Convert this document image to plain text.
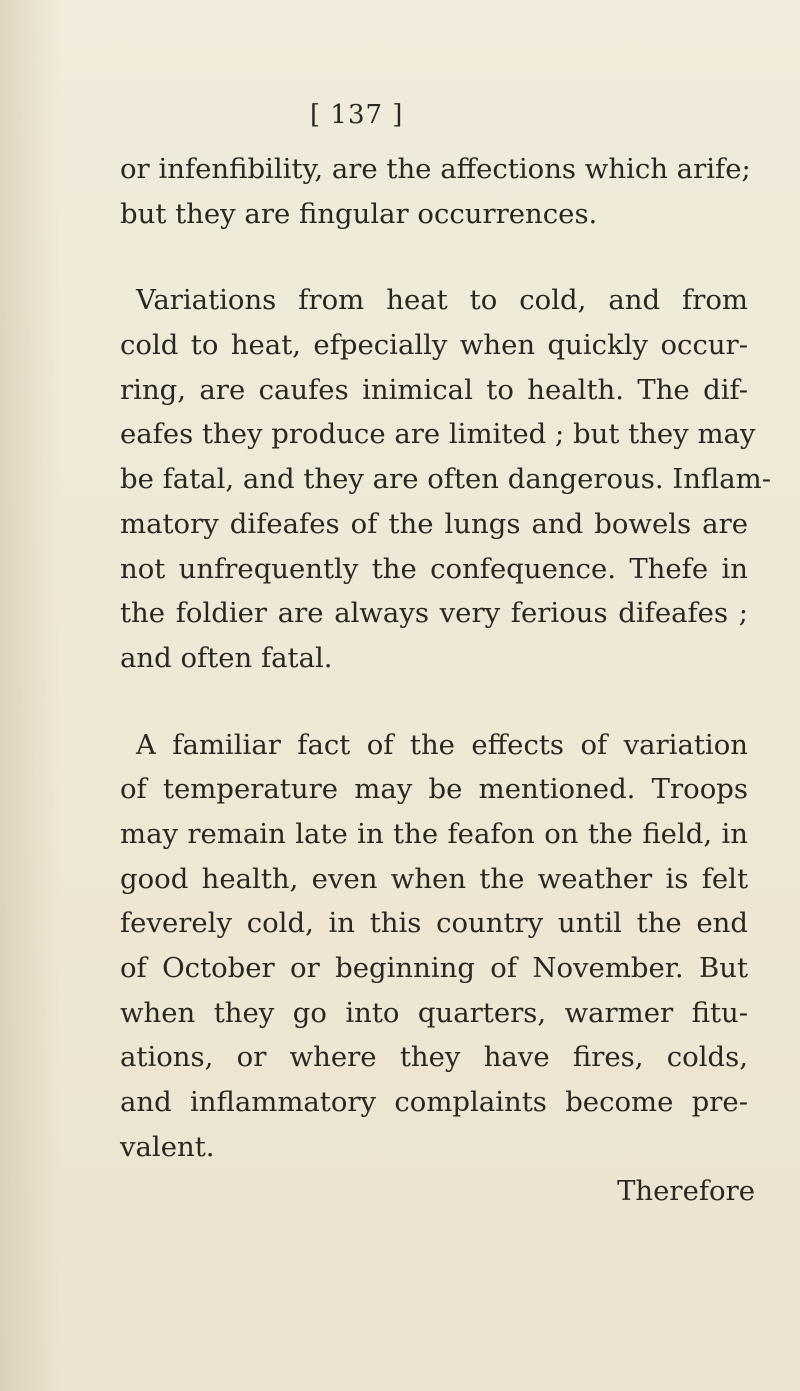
[ 137 ]
or infenfibility, are the affections which arife;
but they are fingular occurrences.
Variations from heat to cold, and from
cold to heat, efpecially when quickly occur-
ring, are caufes inimical to health. The dif-
eafes they produce are limited ; but they may
be fatal, and they are often dangerous. Inflam-
matory difeafes of the lungs and bowels are
not unfrequently the confequence. Thefe in
the foldier are always very ferious difeafes ;
and often fatal.
A familiar fact of the effects of variation
of temperature may be mentioned. Troops
may remain late in the feafon on the field, in
good health, even when the weather is felt
feverely cold, in this country until the end
of October or beginning of November. But
when they go into quarters, warmer fitu-
ations, or where they have fires, colds,
and inflammatory complaints become pre-
valent.
Therefore
